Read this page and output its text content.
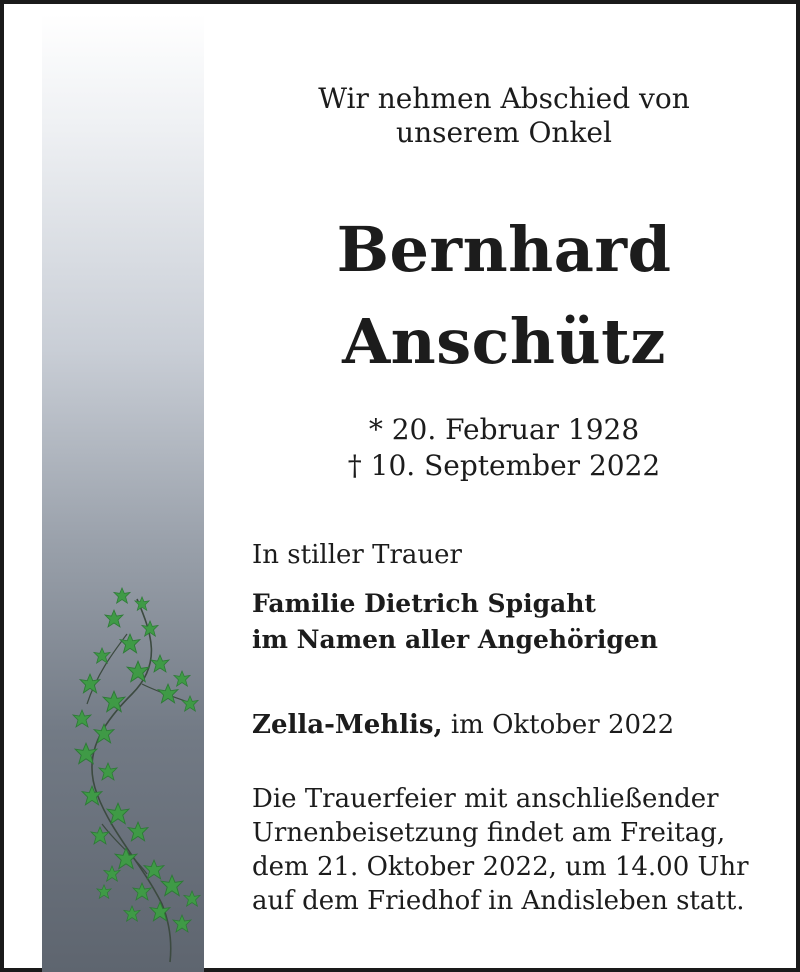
Wir nehmen Abschied von
unserem Onkel
Bernhard
Anschütz
* 20. Februar 1928
† 10. September 2022
In stiller Trauer
Familie Dietrich Spigaht
im Namen aller Angehörigen
Zella-Mehlis, im Oktober 2022
Die Trauerfeier mit anschließender
Urnenbeisetzung findet am Freitag,
dem 21. Oktober 2022, um 14.00 Uhr
auf dem Friedhof in Andisleben statt.
